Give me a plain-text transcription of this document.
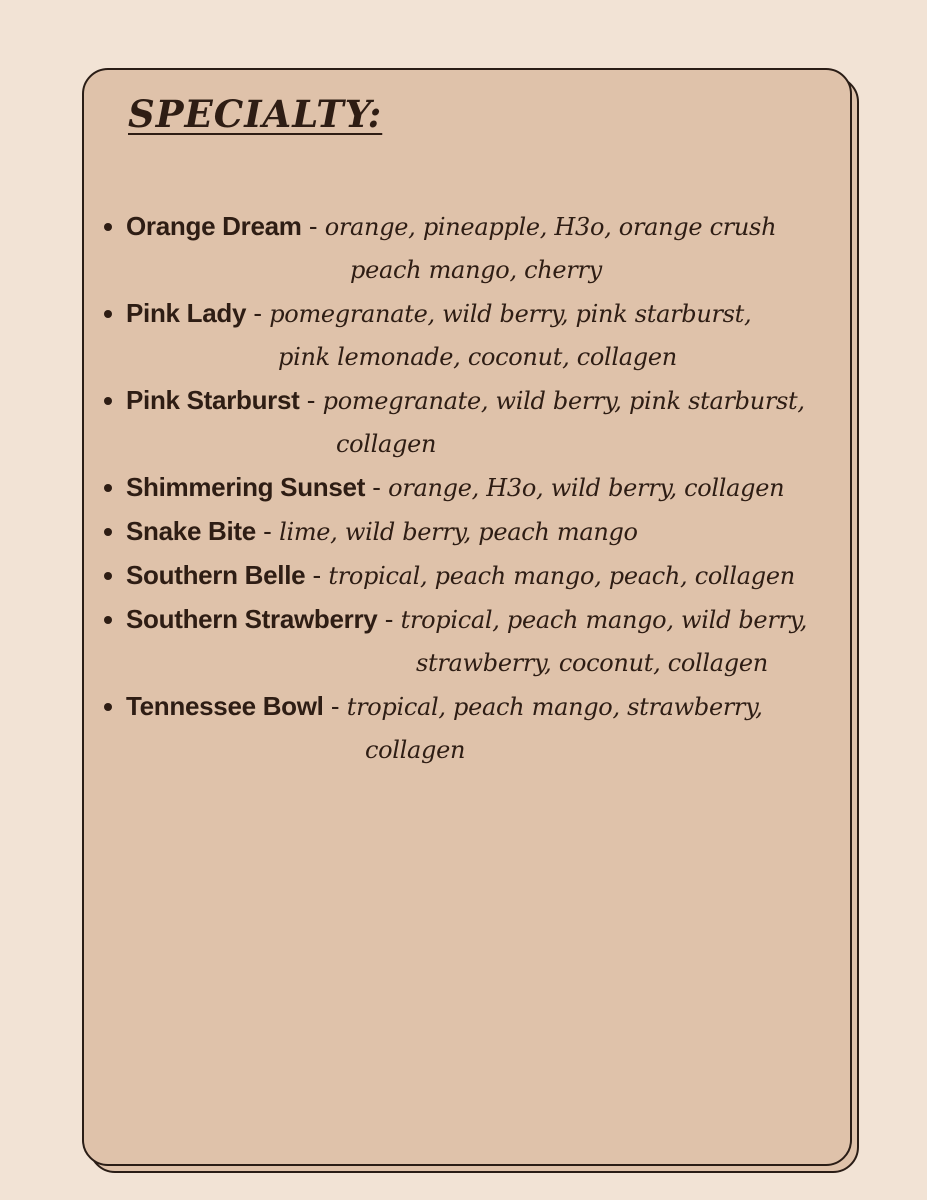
SPECIALTY:
Orange Dream - orange, pineapple, H3o, orange crush
peach mango, cherry
Pink Lady - pomegranate, wild berry, pink starburst,
pink lemonade, coconut, collagen
Pink Starburst - pomegranate, wild berry, pink starburst,
collagen
Shimmering Sunset - orange, H3o, wild berry, collagen
Snake Bite - lime, wild berry, peach mango
Southern Belle - tropical, peach mango, peach, collagen
Southern Strawberry - tropical, peach mango, wild berry,
strawberry, coconut, collagen
Tennessee Bowl - tropical, peach mango, strawberry,
collagen
